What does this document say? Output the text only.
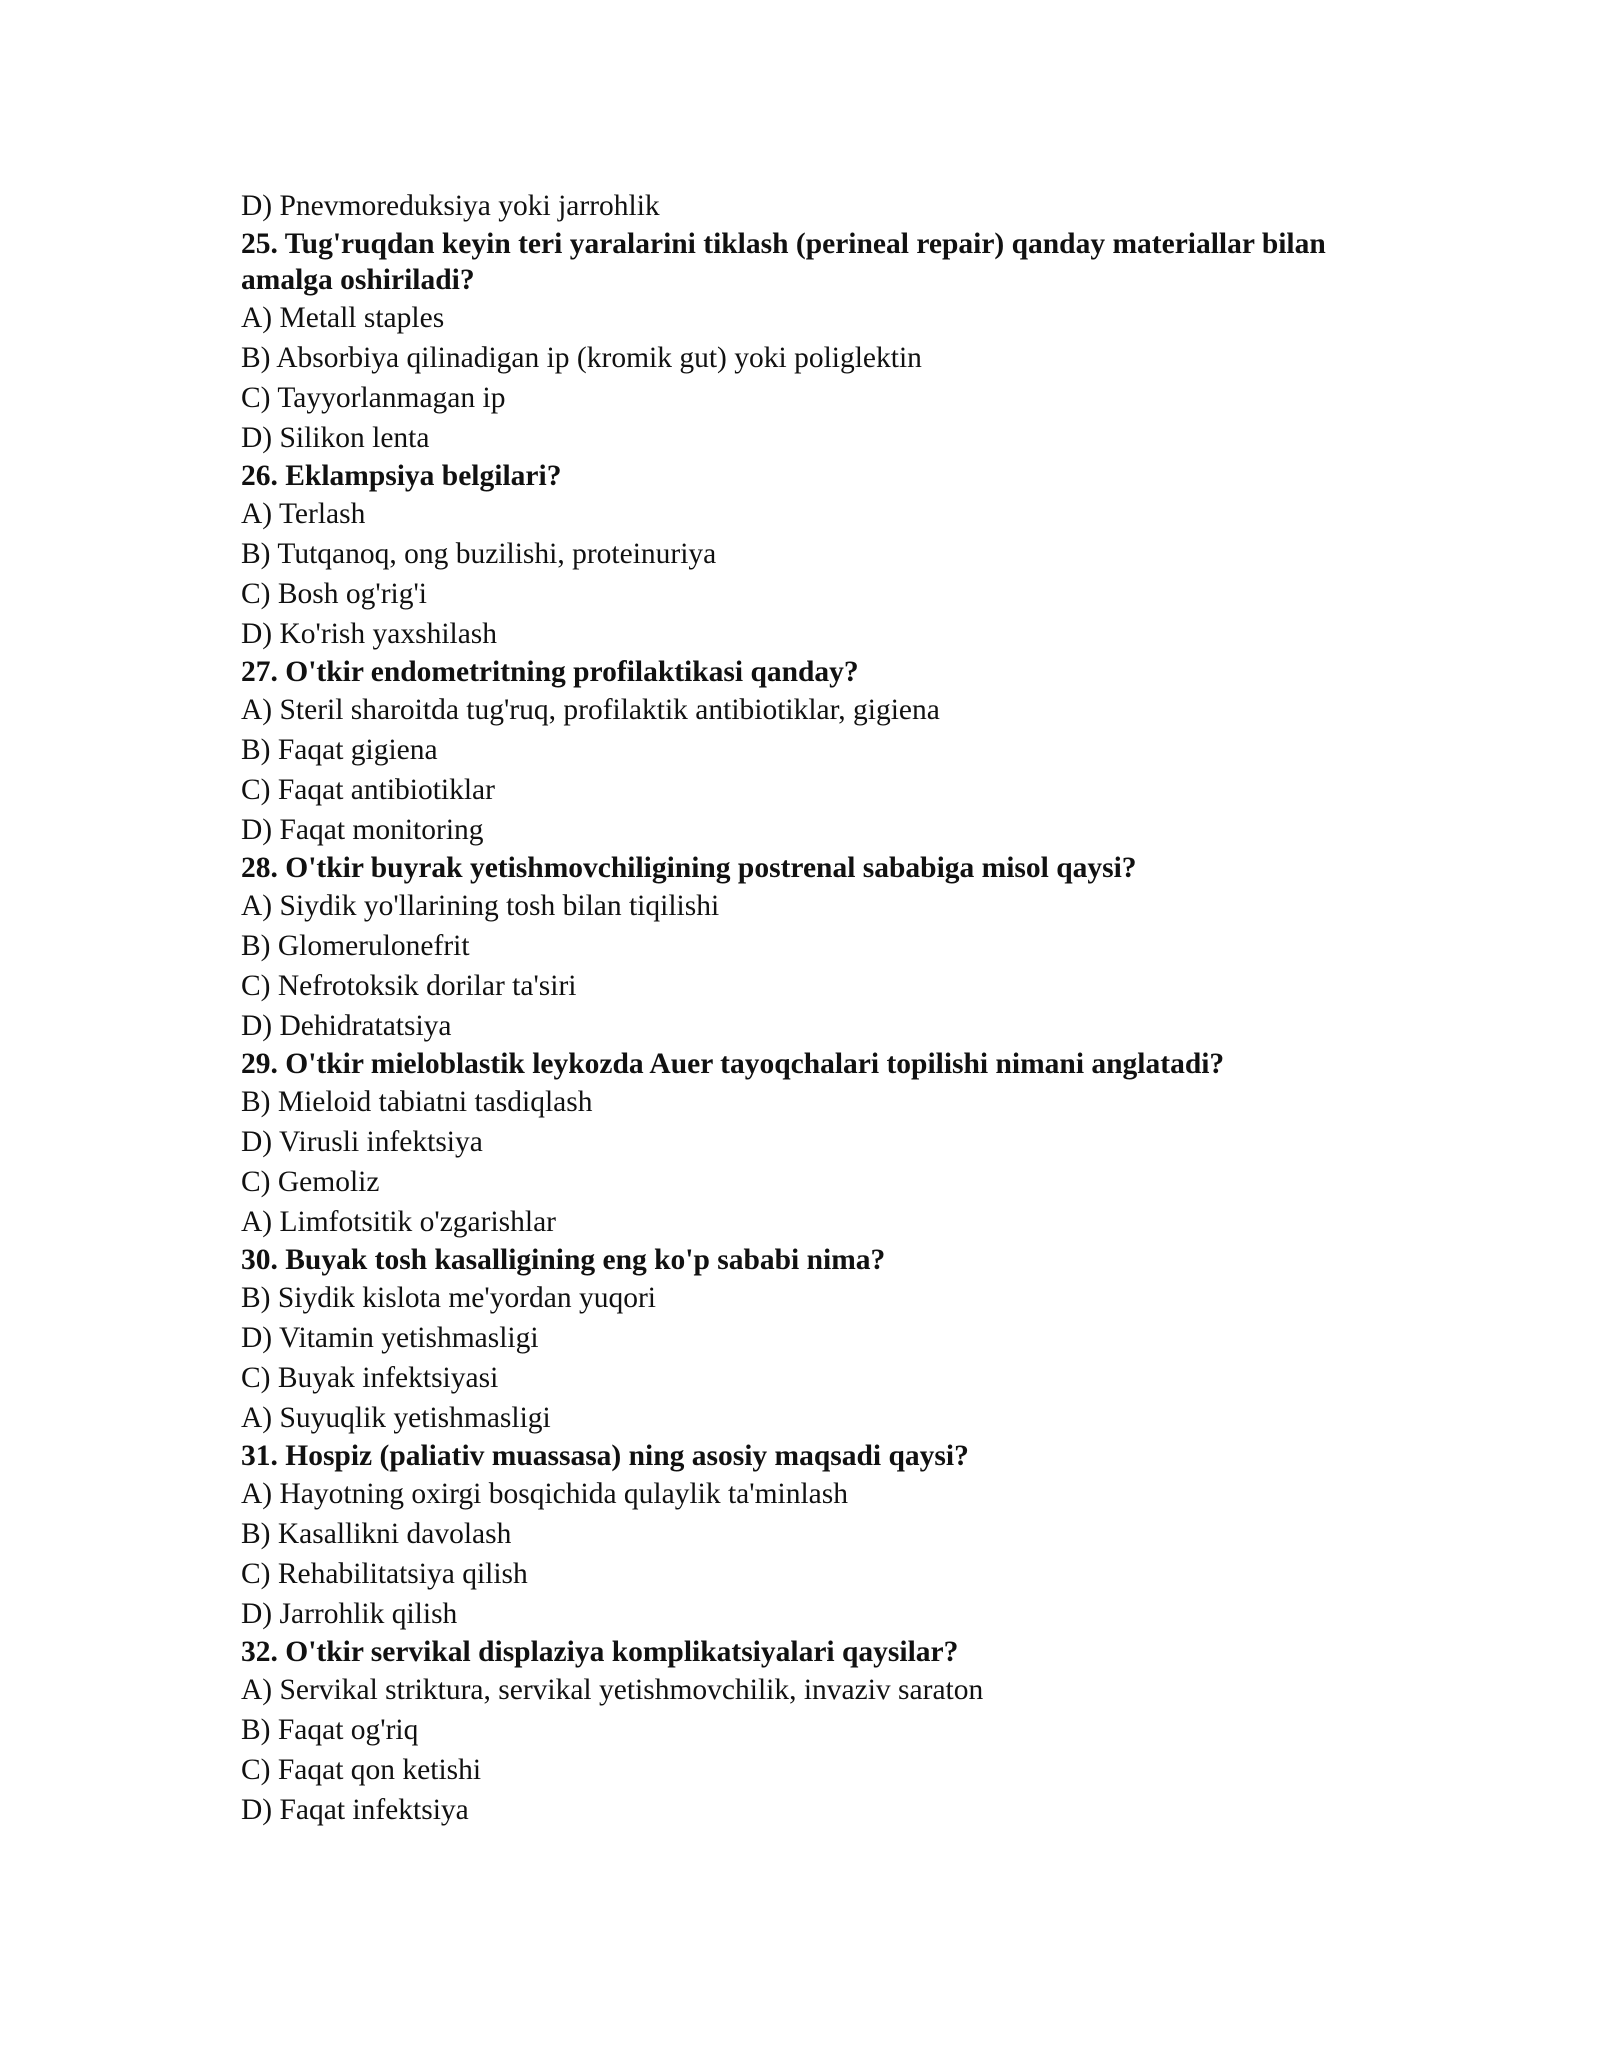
D) Pnevmoreduksiya yoki jarrohlik
25. Tug'ruqdan keyin teri yaralarini tiklash (perineal repair) qanday materiallar bilan amalga oshiriladi?
A) Metall staples
B) Absorbiya qilinadigan ip (kromik gut) yoki poliglektin
C) Tayyorlanmagan ip
D) Silikon lenta
26. Eklampsiya belgilari?
A) Terlash
B) Tutqanoq, ong buzilishi, proteinuriya
C) Bosh og'rig'i
D) Ko'rish yaxshilash
27. O'tkir endometritning profilaktikasi qanday?
A) Steril sharoitda tug'ruq, profilaktik antibiotiklar, gigiena
B) Faqat gigiena
C) Faqat antibiotiklar
D) Faqat monitoring
28. O'tkir buyrak yetishmovchiligining postrenal sababiga misol qaysi?
A) Siydik yo'llarining tosh bilan tiqilishi
B) Glomerulonefrit
C) Nefrotoksik dorilar ta'siri
D) Dehidratatsiya
29. O'tkir mieloblastik leykozda Auer tayoqchalari topilishi nimani anglatadi?
B) Mieloid tabiatni tasdiqlash
D) Virusli infektsiya
C) Gemoliz
A) Limfotsitik o'zgarishlar
30. Buyak tosh kasalligining eng ko'p sababi nima?
B) Siydik kislota me'yordan yuqori
D) Vitamin yetishmasligi
C) Buyak infektsiyasi
A) Suyuqlik yetishmasligi
31. Hospiz (paliativ muassasa) ning asosiy maqsadi qaysi?
A) Hayotning oxirgi bosqichida qulaylik ta'minlash
B) Kasallikni davolash
C) Rehabilitatsiya qilish
D) Jarrohlik qilish
32. O'tkir servikal displaziya komplikatsiyalari qaysilar?
A) Servikal striktura, servikal yetishmovchilik, invaziv saraton
B) Faqat og'riq
C) Faqat qon ketishi
D) Faqat infektsiya
